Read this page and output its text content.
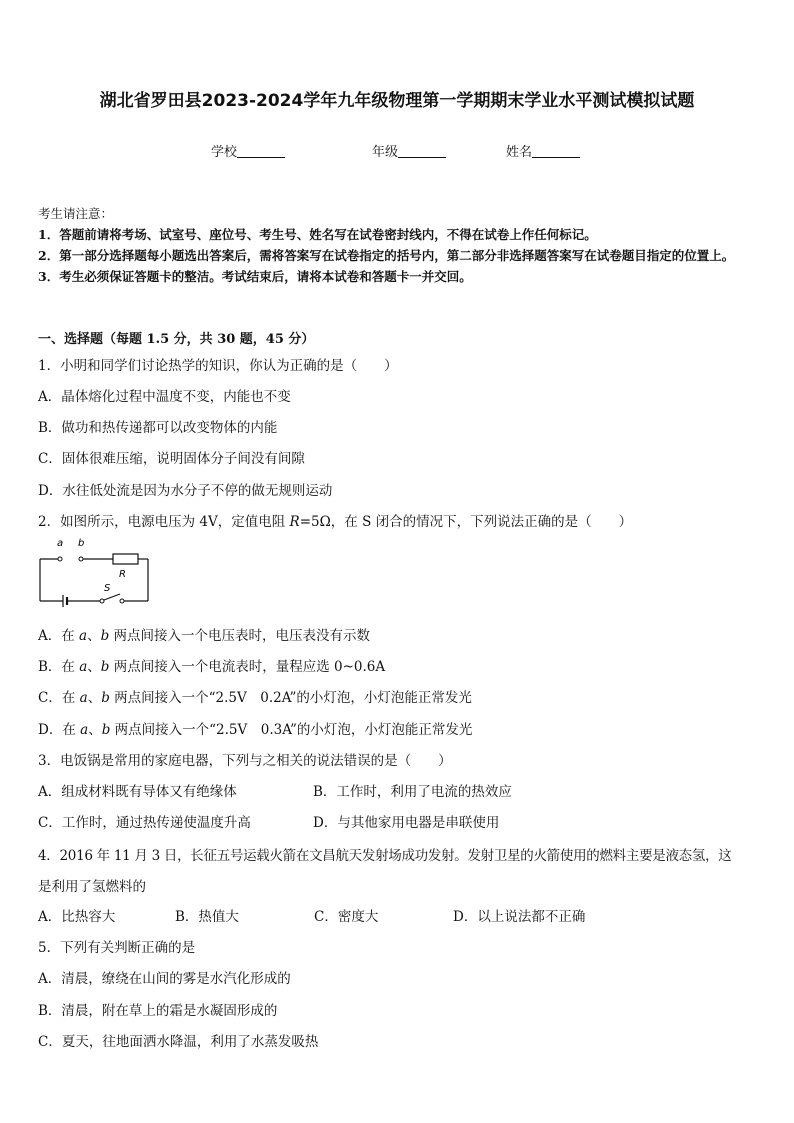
湖北省罗田县2023-2024学年九年级物理第一学期期末学业水平测试模拟试题
学校	年级	姓名
考生请注意：
1．答题前请将考场、试室号、座位号、考生号、姓名写在试卷密封线内，不得在试卷上作任何标记。
2．第一部分选择题每小题选出答案后，需将答案写在试卷指定的括号内，第二部分非选择题答案写在试卷题目指定的位置上。
3．考生必须保证答题卡的整洁。考试结束后，请将本试卷和答题卡一并交回。
一、选择题（每题 1.5 分，共 30 题，45 分）
1．小明和同学们讨论热学的知识，你认为正确的是（　　）
A．晶体熔化过程中温度不变，内能也不变
B．做功和热传递都可以改变物体的内能
C．固体很难压缩，说明固体分子间没有间隙
D．水往低处流是因为水分子不停的做无规则运动
2．如图所示，电源电压为 4V，定值电阻 R=5Ω，在 S 闭合的情况下，下列说法正确的是（　　）
a b
R
S
A．在 a、b 两点间接入一个电压表时，电压表没有示数
B．在 a、b 两点间接入一个电流表时，量程应选 0~0.6A
C．在 a、b 两点间接入一个“2.5V　0.2A”的小灯泡，小灯泡能正常发光
D．在 a、b 两点间接入一个“2.5V　0.3A”的小灯泡，小灯泡能正常发光
3．电饭锅是常用的家庭电器，下列与之相关的说法错误的是（　　）
A．组成材料既有导体又有绝缘体	B．工作时，利用了电流的热效应
C．工作时，通过热传递使温度升高	D．与其他家用电器是串联使用
4．2016 年 11 月 3 日，长征五号运载火箭在文昌航天发射场成功发射。发射卫星的火箭使用的燃料主要是液态氢，这
是利用了氢燃料的
A．比热容大	B．热值大	C．密度大	D．以上说法都不正确
5．下列有关判断正确的是
A．清晨，缭绕在山间的雾是水汽化形成的
B．清晨，附在草上的霜是水凝固形成的
C．夏天，往地面洒水降温，利用了水蒸发吸热
